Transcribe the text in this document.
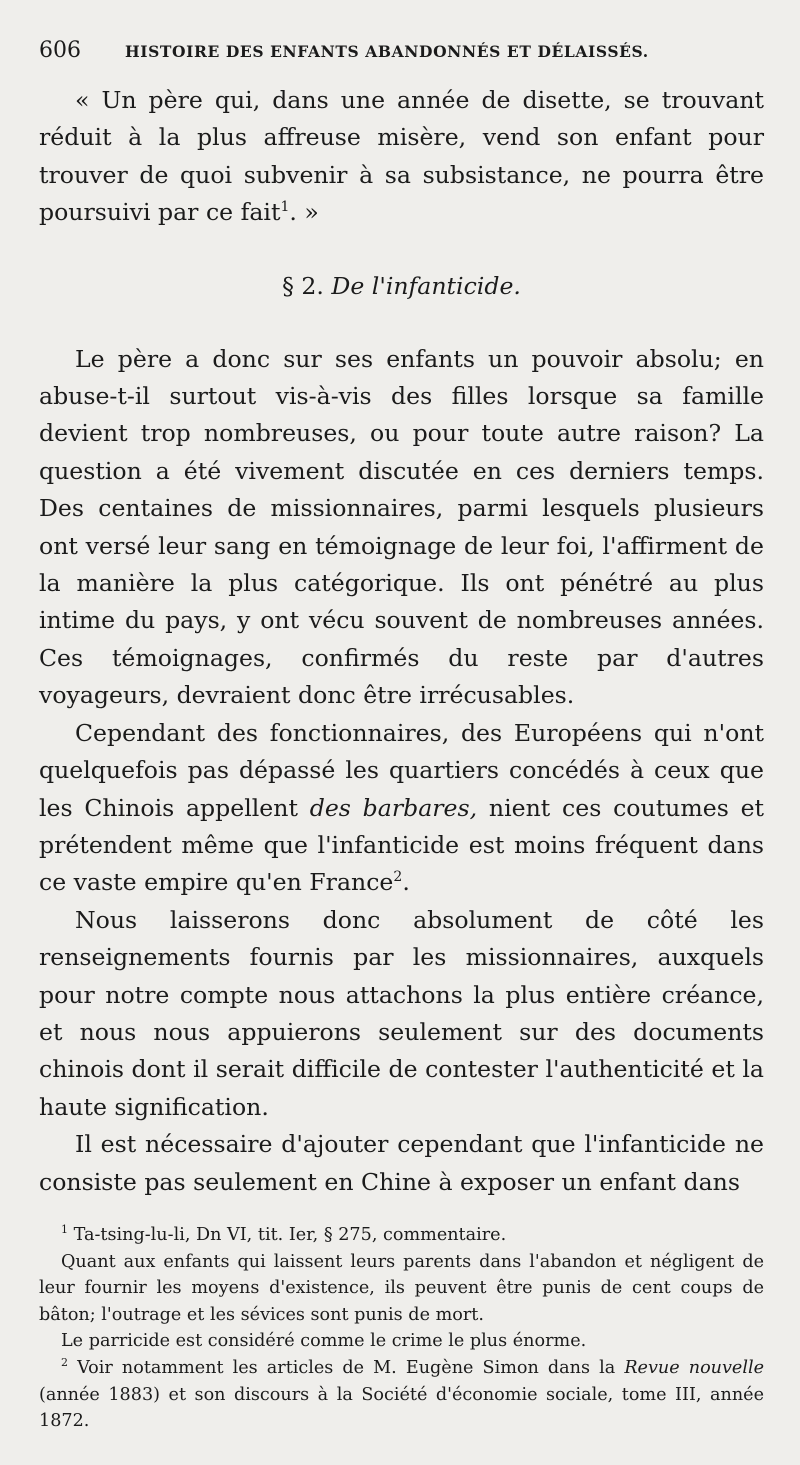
606	HISTOIRE DES ENFANTS ABANDONNÉS ET DÉLAISSÉS.

« Un père qui, dans une année de disette, se trouvant réduit à la plus affreuse misère, vend son enfant pour trouver de quoi subvenir à sa subsistance, ne pourra être poursuivi par ce fait$^1$. »

§ 2. De l'infanticide.

Le père a donc sur ses enfants un pouvoir absolu; en abuse-t-il surtout vis-à-vis des filles lorsque sa famille devient trop nombreuses, ou pour toute autre raison? La question a été vivement discutée en ces derniers temps. Des centaines de missionnaires, parmi lesquels plusieurs ont versé leur sang en témoignage de leur foi, l'affirment de la manière la plus catégorique. Ils ont pénétré au plus intime du pays, y ont vécu souvent de nombreuses années. Ces témoignages, confirmés du reste par d'autres voyageurs, devraient donc être irrécusables.

Cependant des fonctionnaires, des Européens qui n'ont quelquefois pas dépassé les quartiers concédés à ceux que les Chinois appellent des barbares, nient ces coutumes et prétendent même que l'infanticide est moins fréquent dans ce vaste empire qu'en France$^2$.

Nous laisserons donc absolument de côté les renseignements fournis par les missionnaires, auxquels pour notre compte nous attachons la plus entière créance, et nous nous appuierons seulement sur des documents chinois dont il serait difficile de contester l'authenticité et la haute signification.

Il est nécessaire d'ajouter cependant que l'infanticide ne consiste pas seulement en Chine à exposer un enfant dans

$^1$ Ta-tsing-lu-li, Dn VI, tit. Ier, § 275, commentaire.

Quant aux enfants qui laissent leurs parents dans l'abandon et négligent de leur fournir les moyens d'existence, ils peuvent être punis de cent coups de bâton; l'outrage et les sévices sont punis de mort.

Le parricide est considéré comme le crime le plus énorme.

$^2$ Voir notamment les articles de M. Eugène Simon dans la Revue nouvelle (année 1883) et son discours à la Société d'économie sociale, tome III, année 1872.
